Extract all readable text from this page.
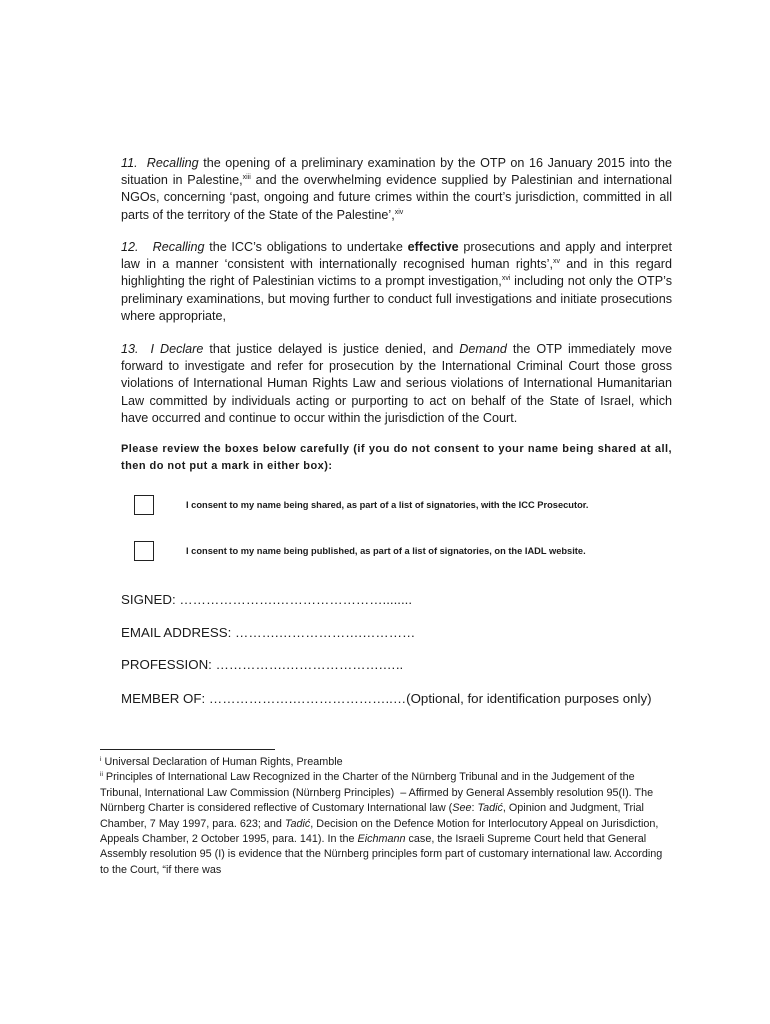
11. Recalling the opening of a preliminary examination by the OTP on 16 January 2015 into the situation in Palestine,$^{xiii}$ and the overwhelming evidence supplied by Palestinian and international NGOs, concerning ‘past, ongoing and future crimes within the court’s jurisdiction, committed in all parts of the territory of the State of the Palestine’,$^{xiv}$

12. Recalling the ICC’s obligations to undertake effective prosecutions and apply and interpret law in a manner ‘consistent with internationally recognised human rights’,$^{xv}$ and in this regard highlighting the right of Palestinian victims to a prompt investigation,$^{xvi}$ including not only the OTP’s preliminary examinations, but moving further to conduct full investigations and initiate prosecutions where appropriate,

13. I Declare that justice delayed is justice denied, and Demand the OTP immediately move forward to investigate and refer for prosecution by the International Criminal Court those gross violations of International Human Rights Law and serious violations of International Humanitarian Law committed by individuals acting or purporting to act on behalf of the State of Israel, which have occurred and continue to occur within the jurisdiction of the Court.

Please review the boxes below carefully (if you do not consent to your name being shared at all, then do not put a mark in either box):

I consent to my name being shared, as part of a list of signatories, with the ICC Prosecutor.
I consent to my name being published, as part of a list of signatories, on the IADL website.
SIGNED: ………………….……………………........
EMAIL ADDRESS: ……….……………….…………
PROFESSION: …………….………………….…..
MEMBER OF: ……………….…………………..…(Optional, for identification purposes only)

$^i$ Universal Declaration of Human Rights, Preamble

$^{ii}$ Principles of International Law Recognized in the Charter of the Nürnberg Tribunal and in the Judgement of the Tribunal, International Law Commission (Nürnberg Principles)  – Affirmed by General Assembly resolution 95(I). The Nürnberg Charter is considered reflective of Customary International law (See: Tadić, Opinion and Judgment, Trial Chamber, 7 May 1997, para. 623; and Tadić, Decision on the Defence Motion for Interlocutory Appeal on Jurisdiction, Appeals Chamber, 2 October 1995, para. 141). In the Eichmann case, the Israeli Supreme Court held that General Assembly resolution 95 (I) is evidence that the Nürnberg principles form part of customary international law. According to the Court, “if there was
